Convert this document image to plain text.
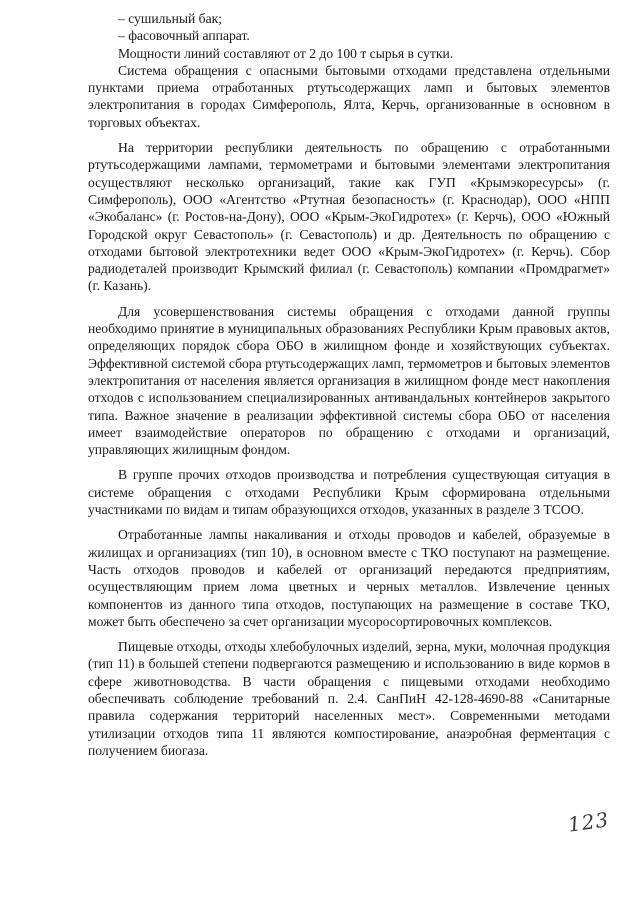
– сушильный бак;
– фасовочный аппарат.

Мощности линий составляют от 2 до 100 т сырья в сутки.

Система обращения с опасными бытовыми отходами представлена отдельными пунктами приема отработанных ртутьсодержащих ламп и бытовых элементов электропитания в городах Симферополь, Ялта, Керчь, организованные в основном в торговых объектах.

На территории республики деятельность по обращению с отработанными ртутьсодержащими лампами, термометрами и бытовыми элементами электропитания осуществляют несколько организаций, такие как ГУП «Крымэкоресурсы» (г. Симферополь), ООО «Агентство «Ртутная безопасность» (г. Краснодар), ООО «НПП «Экобаланс» (г. Ростов-на-Дону), ООО «Крым-ЭкоГидротех» (г. Керчь), ООО «Южный Городской округ Севастополь» (г. Севастополь) и др. Деятельность по обращению с отходами бытовой электротехники ведет ООО «Крым-ЭкоГидротех» (г. Керчь). Сбор радиодеталей производит Крымский филиал (г. Севастополь) компании «Промдрагмет» (г. Казань).

Для усовершенствования системы обращения с отходами данной группы необходимо принятие в муниципальных образованиях Республики Крым правовых актов, определяющих порядок сбора ОБО в жилищном фонде и хозяйствующих субъектах. Эффективной системой сбора ртутьсодержащих ламп, термометров и бытовых элементов электропитания от населения является организация в жилищном фонде мест накопления отходов с использованием специализированных антивандальных контейнеров закрытого типа. Важное значение в реализации эффективной системы сбора ОБО от населения имеет взаимодействие операторов по обращению с отходами и организаций, управляющих жилищным фондом.

В группе прочих отходов производства и потребления существующая ситуация в системе обращения с отходами Республики Крым сформирована отдельными участниками по видам и типам образующихся отходов, указанных в разделе 3 ТСОО.

Отработанные лампы накаливания и отходы проводов и кабелей, образуемые в жилищах и организациях (тип 10), в основном вместе с ТКО поступают на размещение. Часть отходов проводов и кабелей от организаций передаются предприятиям, осуществляющим прием лома цветных и черных металлов. Извлечение ценных компонентов из данного типа отходов, поступающих на размещение в составе ТКО, может быть обеспечено за счет организации мусоросортировочных комплексов.

Пищевые отходы, отходы хлебобулочных изделий, зерна, муки, молочная продукция (тип 11) в большей степени подвергаются размещению и использованию в виде кормов в сфере животноводства. В части обращения с пищевыми отходами необходимо обеспечивать соблюдение требований п. 2.4. СанПиН 42-128-4690-88 «Санитарные правила содержания территорий населенных мест». Современными методами утилизации отходов типа 11 являются компостирование, анаэробная ферментация с получением биогаза.

123
